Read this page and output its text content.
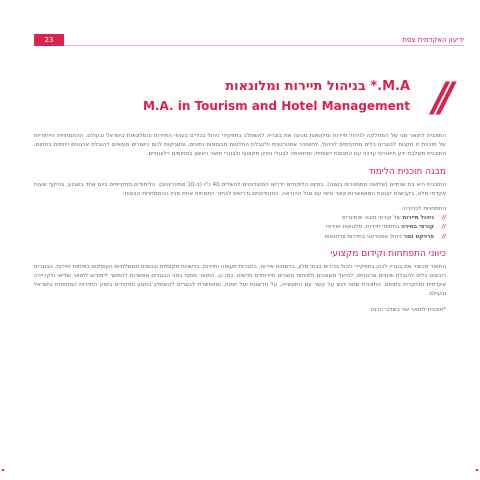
23	ידיעון האקדמית צפת
//
M.A.* בניהול תיירות ומלונאות
M.A. in Tourism and Hotel Management

התוכנית לתואר שני של המחלקה לניהול תיירות ומלונאות מכינה את בוגריה להשתלב בתפקידי ניהול בכירים בענפי התיירות והמלונאות בישראל ובעולם. ההתמחויות הייחודיות של תוכנית זו מקנות לבוגרים כלים מתקדמים לניהול, לחשיבה אסטרטגית ולקבלת החלטות מבוססות נתונים, ומעניקות להם כישורים מעשיים להובלת ארגונים ויוזמות בתחום. התוכנית משלבת ידע תיאורטי עדכני עם התנסות יישומית, ומתאימה לבעלי ניסיון מקצועי ולבוגרי תואר ראשון בתחומים רלוונטיים.

מבנה תוכנית הלימוד

התוכנית היא בת שנתיים (שלושה סמסטרים בשנה). בסיום הלימודים יידרשו הסטודנטים להשלים 40 נ"ז (ב-10 סמינריונים). הלימודים מתקיימים ביום אחד בשבוע, בהיקף שעות אקדמי מלא, בקבוצות קטנות המאפשרות קשר אישי עם סגל ההוראה. הסטודנטים נדרשים לבחור התמחות אחת מבין ההתמחויות הבאות:

התמחויות לבחירה:
//
ניהול תיירות של קורסי חובה וסמינרים
//
קורסי בחירה בתחומי תיירות, מלונאות ואירוח
//
פרויקט גמר ניהול אסטרטגי בתיירות ומלונאות
כיווני התפתחות וקידום מקצועי

התואר מכשיר את בוגריו לכהן בתפקידי ניהול בכירים בבתי מלון, ברשתות אירוח, בחברות תעופה ותיירות, ברשויות מקומיות ובגופים ממשלתיים העוסקים בפיתוח תיירות. הבוגרים רוכשים כלים להובלת שינויים ארגוניים, לניהול משאבים ולפיתוח מוצרים תיירותיים חדשים. כמו כן, התואר פותח בפני הבוגרים אפשרות להמשך לימודים לתואר שלישי ולקריירה אקדמית ומחקרית בתחום. התוכנית שמה דגש על קשר עם התעשייה, על חדשנות ועל יזמות, ומאפשרת לבוגרים להשתלב במגוון תפקידים בשוק התיירות המתפתח בישראל ובעולם.

*תוכנית לתואר שני בשלבי הכנה
